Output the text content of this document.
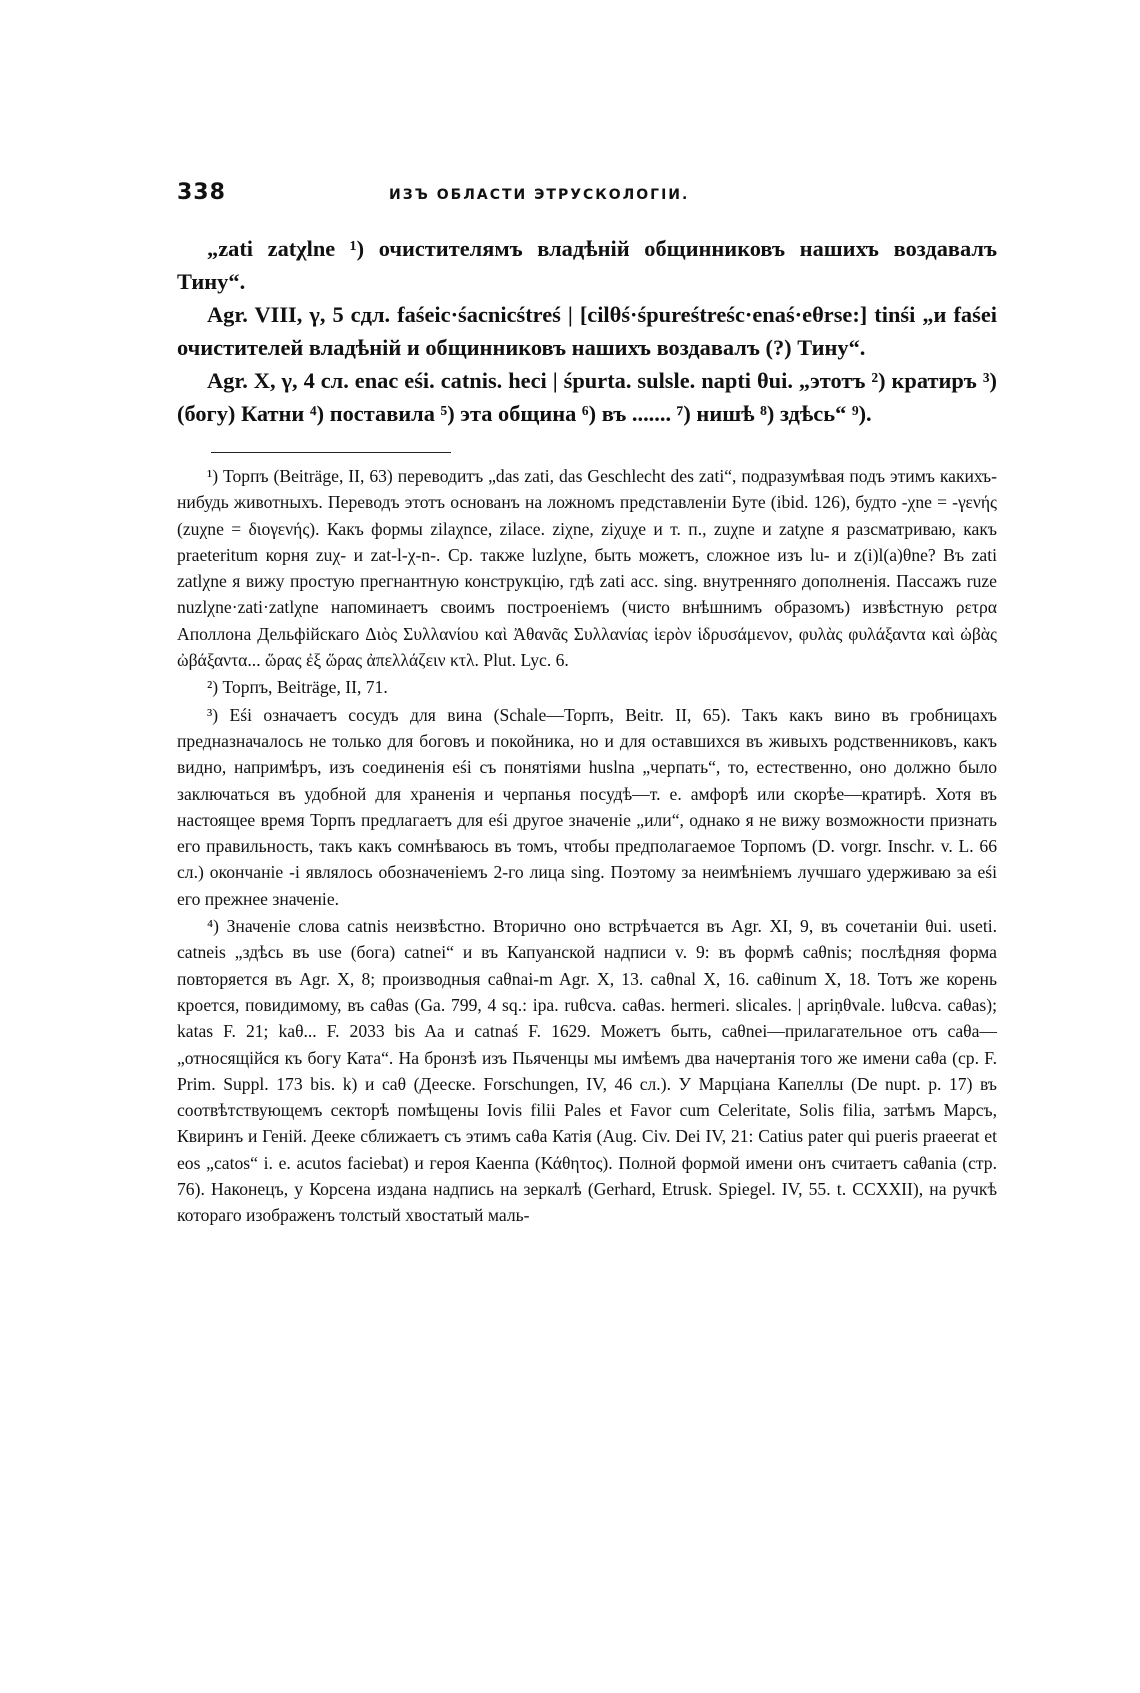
338	ИЗЪ ОБЛАСТИ ЭТРУСКОЛОГІИ.

„zati zatχlne ¹) очистителямъ владѣній общинниковъ нашихъ воздавалъ Тину“.

Agr. VIII, γ, 5 сдл. faśeic·śacnicśtreś | [cilθś·śpureśtreśc·enaś·eθrse:] tinśi „и faśei очистителей владѣній и общинниковъ нашихъ воздавалъ (?) Тину“.

Agr. X, γ, 4 сл. enac eśi. catnis. heci | śpurta. sulsle. napti θui. „этотъ ²) кратиръ ³) (богу) Катни ⁴) поставила ⁵) эта община ⁶) въ ....... ⁷) нишѣ ⁸) здѣсь“ ⁹).

¹) Торпъ (Beiträge, II, 63) переводитъ „das zati, das Geschlecht des zati“, подразумѣвая подъ этимъ какихъ-нибудь животныхъ. Переводъ этотъ основанъ на ложномъ представленіи Буте (ibid. 126), будто -χne = -γενής (zuχne = διογενής). Какъ формы zilaχnce, zilace. ziχne, ziχuχe и т. п., zuχne и zatχne я разсматриваю, какъ praeteritum корня zuχ- и zat-l-χ-n-. Ср. также luzlχne, быть можетъ, сложное изъ lu- и z(i)l(a)θne? Въ zati zatlχne я вижу простую прегнантную конструкцію, гдѣ zati acc. sing. внутренняго дополненія. Пассажъ ruze nuzlχne·zati·zatlχne напоминаетъ своимъ построеніемъ (чисто внѣшнимъ образомъ) извѣстную ρετρα Аполлона Дельфійскаго Διὸς Συλλανίου καὶ Ἀθανᾶς Συλλανίας ἱερὸν ἱδρυσάμενον, φυλὰς φυλάξαντα καὶ ὠβὰς ὠβάξαντα... ὥρας ἐξ ὥρας ἀπελλάζειν κτλ. Plut. Lyc. 6.

²) Торпъ, Beiträge, II, 71.

³) Eśi означаетъ сосудъ для вина (Schale—Торпъ, Beitr. II, 65). Такъ какъ вино въ гробницахъ предназначалось не только для боговъ и покойника, но и для оставшихся въ живыхъ родственниковъ, какъ видно, напримѣръ, изъ соединенія eśi съ понятіями huslna „черпать“, то, естественно, оно должно было заключаться въ удобной для храненія и черпанья посудѣ—т. е. амфорѣ или скорѣе—кратирѣ. Хотя въ настоящее время Торпъ предлагаетъ для eśi другое значеніе „или“, однако я не вижу возможности признать его правильность, такъ какъ сомнѣваюсь въ томъ, чтобы предполагаемое Торпомъ (D. vorgr. Inschr. v. L. 66 сл.) окончаніе -i являлось обозначеніемъ 2-го лица sing. Поэтому за неимѣніемъ лучшаго удерживаю за eśi его прежнее значеніе.

⁴) Значеніе слова catnis неизвѣстно. Вторично оно встрѣчается въ Agr. XI, 9, въ сочетаніи θui. useti. catneis „здѣсь въ use (бога) catnei“ и въ Капуанской надписи v. 9: въ формѣ caθnis; послѣдняя форма повторяется въ Agr. X, 8; производныя caθnai-m Agr. X, 13. caθnal X, 16. caθinum X, 18. Тотъ же корень кроется, повидимому, въ caθas (Ga. 799, 4 sq.: ipa. ruθcva. caθas. hermeri. slicales. | apriņθvale. luθcva. caθas); katas F. 21; kaθ... F. 2033 bis Aa и catnaś F. 1629. Можетъ быть, caθnei—прилагательное отъ caθa—„относящійся къ богу Ката“. На бронзѣ изъ Пьяченцы мы имѣемъ два начертанія того же имени caθa (ср. F. Prim. Suppl. 173 bis. k) и caθ (Дееске. Forschungen, IV, 46 сл.). У Марціана Капеллы (De nupt. p. 17) въ соотвѣтствующемъ секторѣ помѣщены Iovis filii Pales et Favor cum Celeritate, Solis filia, затѣмъ Марсъ, Квиринъ и Геній. Дееке сближаетъ съ этимъ caθa Катія (Aug. Civ. Dei IV, 21: Catius pater qui pueris praeerat et eos „catos“ i. e. acutos faciebat) и героя Каенпа (Κάθητος). Полной формой имени онъ считаетъ caθania (стр. 76). Наконецъ, у Корсена издана надпись на зеркалѣ (Gerhard, Etrusk. Spiegel. IV, 55. t. CCXXII), на ручкѣ котораго изображенъ толстый хвостатый маль-
